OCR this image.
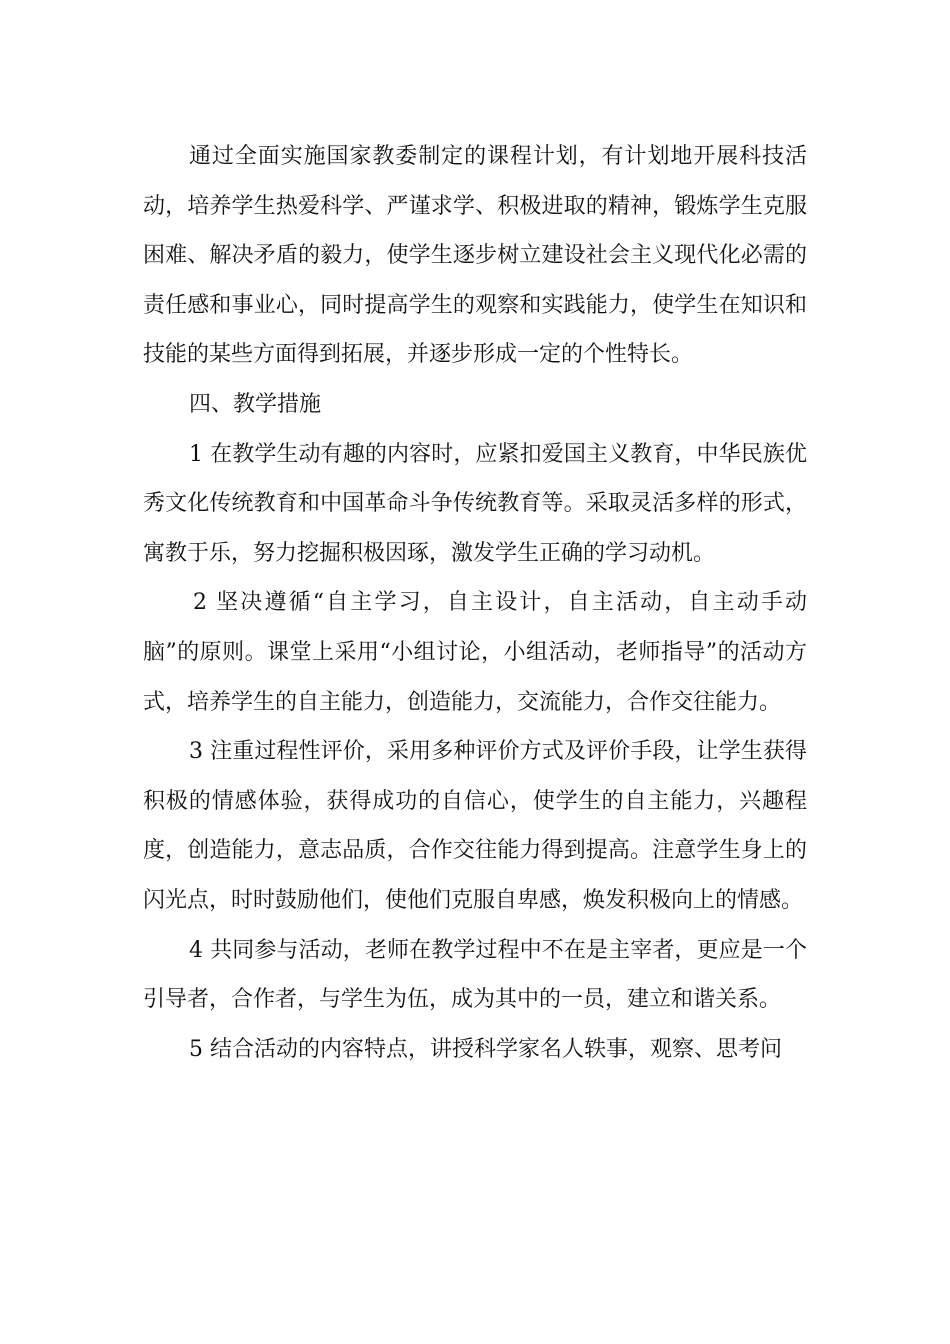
通过全面实施国家教委制定的课程计划，有计划地开展科技活动，培养学生热爱科学、严谨求学、积极进取的精神，锻炼学生克服困难、解决矛盾的毅力，使学生逐步树立建设社会主义现代化必需的责任感和事业心，同时提高学生的观察和实践能力，使学生在知识和技能的某些方面得到拓展，并逐步形成一定的个性特长。

四、教学措施

1 在教学生动有趣的内容时，应紧扣爱国主义教育，中华民族优秀文化传统教育和中国革命斗争传统教育等。采取灵活多样的形式，寓教于乐，努力挖掘积极因琢，激发学生正确的学习动机。

2 坚决遵循“自主学习，自主设计，自主活动，自主动手动脑”的原则。课堂上采用“小组讨论，小组活动，老师指导”的活动方式，培养学生的自主能力，创造能力，交流能力，合作交往能力。

3 注重过程性评价，采用多种评价方式及评价手段，让学生获得积极的情感体验，获得成功的自信心，使学生的自主能力，兴趣程度，创造能力，意志品质，合作交往能力得到提高。注意学生身上的闪光点，时时鼓励他们，使他们克服自卑感，焕发积极向上的情感。

4 共同参与活动，老师在教学过程中不在是主宰者，更应是一个引导者，合作者，与学生为伍，成为其中的一员，建立和谐关系。

5 结合活动的内容特点，讲授科学家名人轶事，观察、思考问
